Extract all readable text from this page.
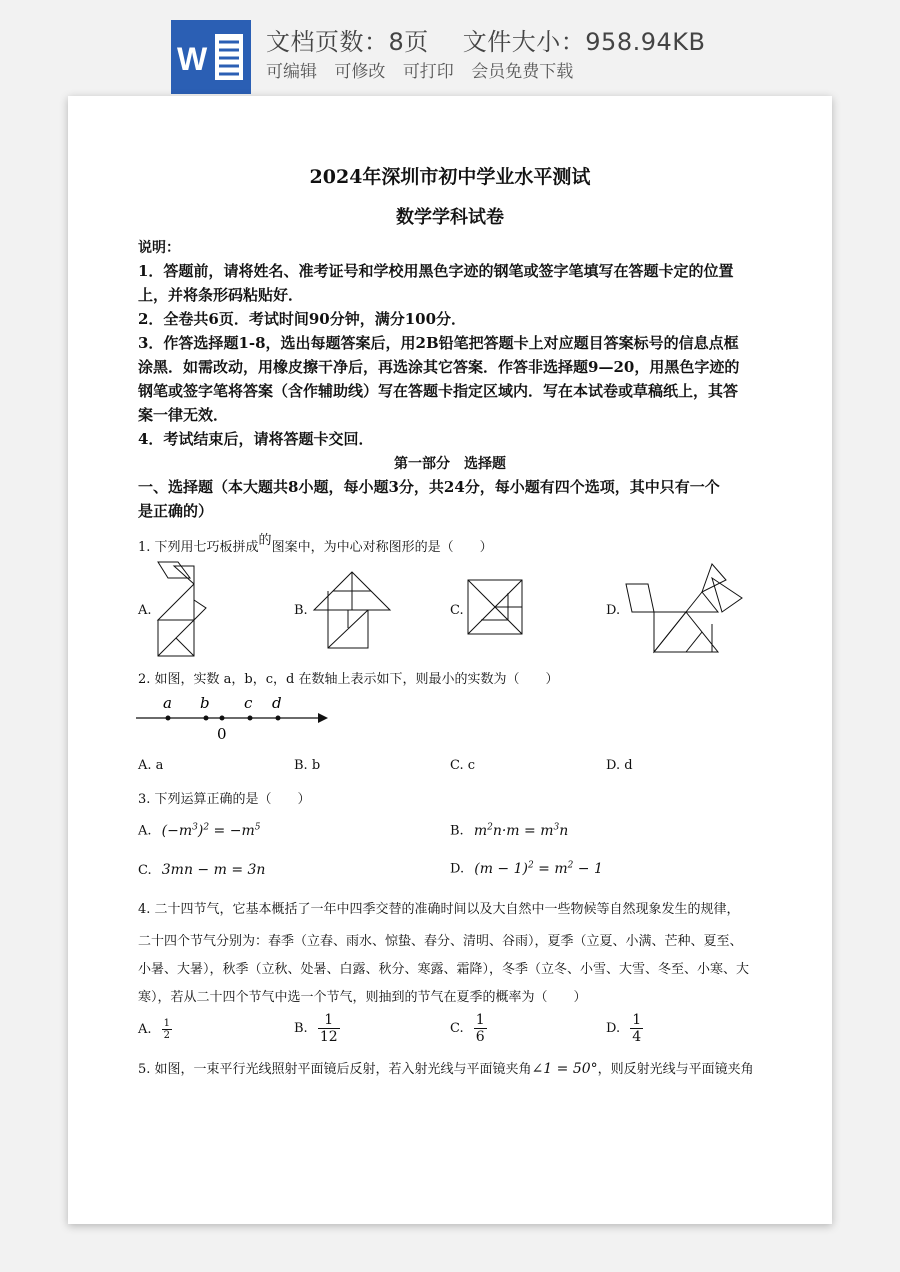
W 文档页数：8页 文件大小：958.94KB
可编辑 可修改 可打印 会员免费下载
2024年深圳市初中学业水平测试
数学学科试卷
说明：
1．答题前，请将姓名、准考证号和学校用黑色字迹的钢笔或签字笔填写在答题卡定的位置
上，并将条形码粘贴好．
2．全卷共6页．考试时间90分钟，满分100分．
3．作答选择题1-8，选出每题答案后，用2B铅笔把答题卡上对应题目答案标号的信息点框
涂黑．如需改动，用橡皮擦干净后，再选涂其它答案．作答非选择题9—20，用黑色字迹的
钢笔或签字笔将答案（含作辅助线）写在答题卡指定区域内．写在本试卷或草稿纸上，其答
案一律无效．
4．考试结束后，请将答题卡交回．
第一部分　选择题
一、选择题（本大题共8小题，每小题3分，共24分，每小题有四个选项，其中只有一个
是正确的）
1. 下列用七巧板拼成的图案中，为中心对称图形的是（　　）
A.	B.	C.	D.
2. 如图，实数 a，b，c，d 在数轴上表示如下，则最小的实数为（　　）
a b c d
0
A. a	B. b	C. c	D. d
3. 下列运算正确的是（　　）
A. $(-m^3)^2 = -m^5$	B. $m^2n\cdot m = m^3n$
C. 3mn − m = 3n	D. $(m - 1)^2 = m^2 - 1$
4. 二十四节气，它基本概括了一年中四季交替的准确时间以及大自然中一些物候等自然现象发生的规律，
二十四个节气分别为：春季（立春、雨水、惊蛰、春分、清明、谷雨），夏季（立夏、小满、芒种、夏至、
小暑、大暑），秋季（立秋、处暑、白露、秋分、寒露、霜降），冬季（立冬、小雪、大雪、冬至、小寒、大
寒），若从二十四个节气中选一个节气，则抽到的节气在夏季的概率为（　　）
A. $\frac{1}{2}$	B. $\frac{1}{12}$	C. $\frac{1}{6}$	D. $\frac{1}{4}$
5. 如图，一束平行光线照射平面镜后反射，若入射光线与平面镜夹角∠1 = 50°，则反射光线与平面镜夹角
